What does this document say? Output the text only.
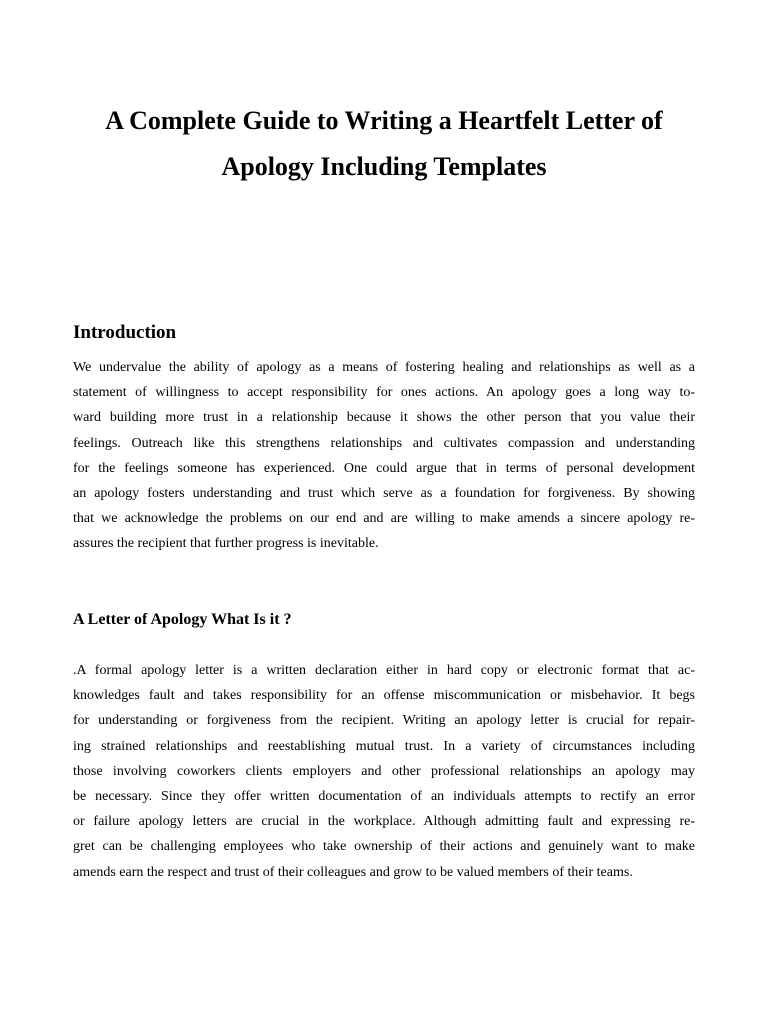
A Complete Guide to Writing a Heartfelt Letter of
Apology Including Templates
Introduction

We undervalue the ability of apology as a means of fostering healing and relationships as well as a
statement of willingness to accept responsibility for ones actions. An apology goes a long way to-
ward building more trust in a relationship because it shows the other person that you value their
feelings. Outreach like this strengthens relationships and cultivates compassion and understanding
for the feelings someone has experienced. One could argue that in terms of personal development
an apology fosters understanding and trust which serve as a foundation for forgiveness. By showing
that we acknowledge the problems on our end and are willing to make amends a sincere apology re-
assures the recipient that further progress is inevitable.

A Letter of Apology What Is it ?

.A formal apology letter is a written declaration either in hard copy or electronic format that ac-
knowledges fault and takes responsibility for an offense miscommunication or misbehavior. It begs
for understanding or forgiveness from the recipient. Writing an apology letter is crucial for repair-
ing strained relationships and reestablishing mutual trust. In a variety of circumstances including
those involving coworkers clients employers and other professional relationships an apology may
be necessary. Since they offer written documentation of an individuals attempts to rectify an error
or failure apology letters are crucial in the workplace. Although admitting fault and expressing re-
gret can be challenging employees who take ownership of their actions and genuinely want to make
amends earn the respect and trust of their colleagues and grow to be valued members of their teams.
